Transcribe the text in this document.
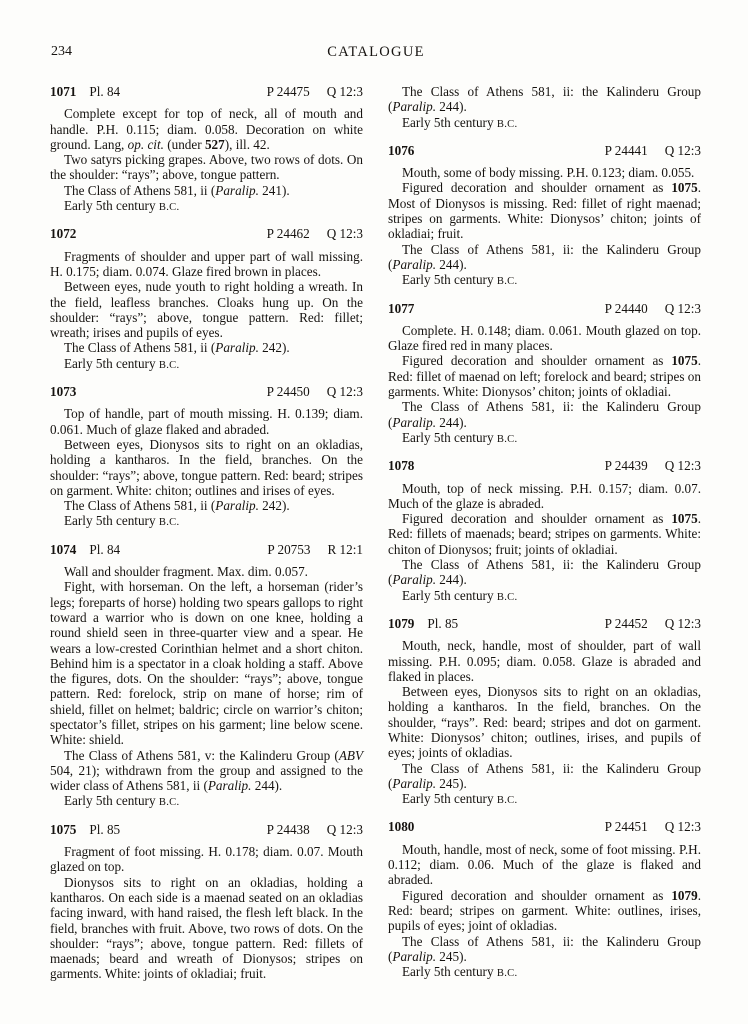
234	CATALOGUE
1071 Pl. 84	P 24475 Q 12:3

Complete except for top of neck, all of mouth and handle. P.H. 0.115; diam. 0.058. Decoration on white ground. Lang, op. cit. (under 527), ill. 42.

Two satyrs picking grapes. Above, two rows of dots. On the shoulder: “rays”; above, tongue pattern.

The Class of Athens 581, ii (Paralip. 241).

Early 5th century B.C.

1072	P 24462 Q 12:3

Fragments of shoulder and upper part of wall missing. H. 0.175; diam. 0.074. Glaze fired brown in places.

Between eyes, nude youth to right holding a wreath. In the field, leafless branches. Cloaks hung up. On the shoulder: “rays”; above, tongue pattern. Red: fillet; wreath; irises and pupils of eyes.

The Class of Athens 581, ii (Paralip. 242).

Early 5th century B.C.

1073	P 24450 Q 12:3

Top of handle, part of mouth missing. H. 0.139; diam. 0.061. Much of glaze flaked and abraded.

Between eyes, Dionysos sits to right on an okladias, holding a kantharos. In the field, branches. On the shoulder: “rays”; above, tongue pattern. Red: beard; stripes on garment. White: chiton; outlines and irises of eyes.

The Class of Athens 581, ii (Paralip. 242).

Early 5th century B.C.

1074 Pl. 84	P 20753 R 12:1

Wall and shoulder fragment. Max. dim. 0.057.

Fight, with horseman. On the left, a horseman (rider’s legs; foreparts of horse) holding two spears gallops to right toward a warrior who is down on one knee, holding a round shield seen in three-quarter view and a spear. He wears a low-crested Corinthian helmet and a short chiton. Behind him is a spectator in a cloak holding a staff. Above the figures, dots. On the shoulder: “rays”; above, tongue pattern. Red: forelock, strip on mane of horse; rim of shield, fillet on helmet; baldric; circle on warrior’s chiton; spectator’s fillet, stripes on his garment; line below scene. White: shield.

The Class of Athens 581, v: the Kalinderu Group (ABV 504, 21); withdrawn from the group and assigned to the wider class of Athens 581, ii (Paralip. 244).

Early 5th century B.C.

1075 Pl. 85	P 24438 Q 12:3

Fragment of foot missing. H. 0.178; diam. 0.07. Mouth glazed on top.

Dionysos sits to right on an okladias, holding a kantharos. On each side is a maenad seated on an okladias facing inward, with hand raised, the flesh left black. In the field, branches with fruit. Above, two rows of dots. On the shoulder: “rays”; above, tongue pattern. Red: fillets of maenads; beard and wreath of Dionysos; stripes on garments. White: joints of okladiai; fruit.

The Class of Athens 581, ii: the Kalinderu Group (Paralip. 244).

Early 5th century B.C.

1076	P 24441 Q 12:3

Mouth, some of body missing. P.H. 0.123; diam. 0.055.

Figured decoration and shoulder ornament as 1075. Most of Dionysos is missing. Red: fillet of right maenad; stripes on garments. White: Dionysos’ chiton; joints of okladiai; fruit.

The Class of Athens 581, ii: the Kalinderu Group (Paralip. 244).

Early 5th century B.C.

1077	P 24440 Q 12:3

Complete. H. 0.148; diam. 0.061. Mouth glazed on top. Glaze fired red in many places.

Figured decoration and shoulder ornament as 1075. Red: fillet of maenad on left; forelock and beard; stripes on garments. White: Dionysos’ chiton; joints of okladiai.

The Class of Athens 581, ii: the Kalinderu Group (Paralip. 244).

Early 5th century B.C.

1078	P 24439 Q 12:3

Mouth, top of neck missing. P.H. 0.157; diam. 0.07. Much of the glaze is abraded.

Figured decoration and shoulder ornament as 1075. Red: fillets of maenads; beard; stripes on garments. White: chiton of Dionysos; fruit; joints of okladiai.

The Class of Athens 581, ii: the Kalinderu Group (Paralip. 244).

Early 5th century B.C.

1079 Pl. 85	P 24452 Q 12:3

Mouth, neck, handle, most of shoulder, part of wall missing. P.H. 0.095; diam. 0.058. Glaze is abraded and flaked in places.

Between eyes, Dionysos sits to right on an okladias, holding a kantharos. In the field, branches. On the shoulder, “rays”. Red: beard; stripes and dot on garment. White: Dionysos’ chiton; outlines, irises, and pupils of eyes; joints of okladias.

The Class of Athens 581, ii: the Kalinderu Group (Paralip. 245).

Early 5th century B.C.

1080	P 24451 Q 12:3

Mouth, handle, most of neck, some of foot missing. P.H. 0.112; diam. 0.06. Much of the glaze is flaked and abraded.

Figured decoration and shoulder ornament as 1079. Red: beard; stripes on garment. White: outlines, irises, pupils of eyes; joint of okladias.

The Class of Athens 581, ii: the Kalinderu Group (Paralip. 245).

Early 5th century B.C.
